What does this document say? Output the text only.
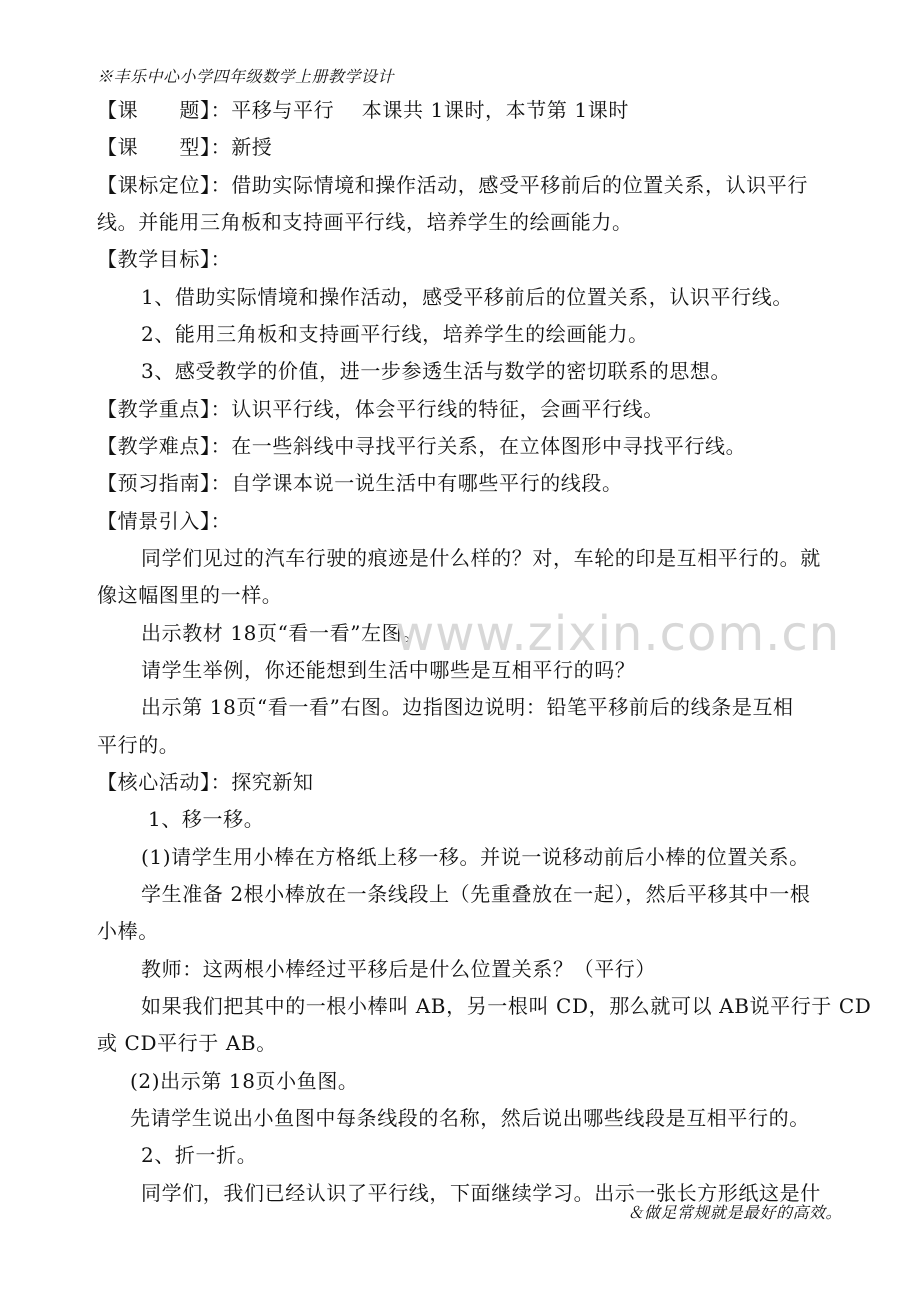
※丰乐中心小学四年级数学上册教学设计
【课　　题】：平移与平行　 本课共 1课时，本节第 1课时
【课　　型】：新授
【课标定位】：借助实际情境和操作活动，感受平移前后的位置关系，认识平行
线。并能用三角板和支持画平行线，培养学生的绘画能力。
【教学目标】：
1、借助实际情境和操作活动，感受平移前后的位置关系，认识平行线。
2、能用三角板和支持画平行线，培养学生的绘画能力。
3、感受教学的价值，进一步参透生活与数学的密切联系的思想。
【教学重点】：认识平行线，体会平行线的特征，会画平行线。
【教学难点】：在一些斜线中寻找平行关系，在立体图形中寻找平行线。
【预习指南】：自学课本说一说生活中有哪些平行的线段。
【情景引入】：
同学们见过的汽车行驶的痕迹是什么样的？对，车轮的印是互相平行的。就
像这幅图里的一样。
出示教材 18页“看一看”左图。
请学生举例，你还能想到生活中哪些是互相平行的吗？
出示第 18页“看一看”右图。边指图边说明：铅笔平移前后的线条是互相
平行的。
【核心活动】：探究新知
1、移一移。
(1)请学生用小棒在方格纸上移一移。并说一说移动前后小棒的位置关系。
学生准备 2根小棒放在一条线段上（先重叠放在一起），然后平移其中一根
小棒。
教师：这两根小棒经过平移后是什么位置关系？（平行）
如果我们把其中的一根小棒叫 AB，另一根叫 CD，那么就可以 AB说平行于 CD
或 CD平行于 AB。
(2)出示第 18页小鱼图。
先请学生说出小鱼图中每条线段的名称，然后说出哪些线段是互相平行的。
2、折一折。
同学们，我们已经认识了平行线，下面继续学习。出示一张长方形纸这是什
www.zixin.com.cn
＆做足常规就是最好的高效。
